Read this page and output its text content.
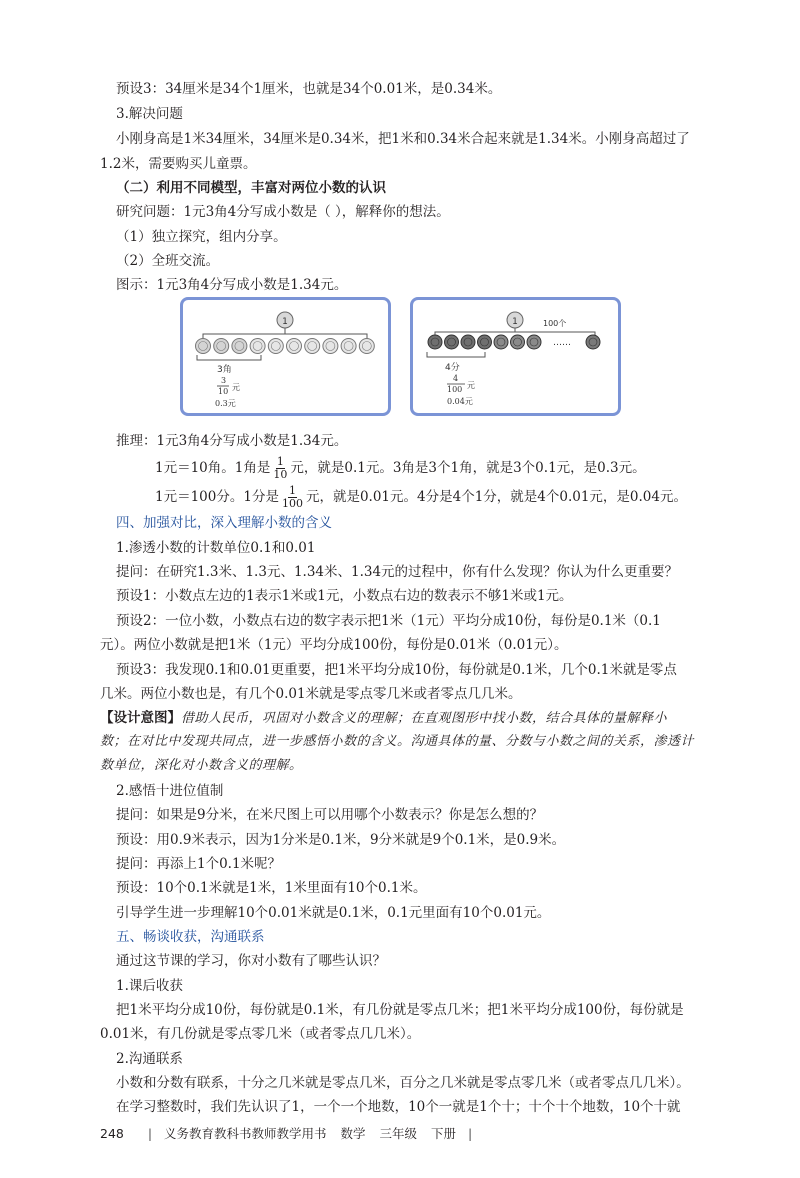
预设3：34厘米是34个1厘米，也就是34个0.01米，是0.34米。
3.解决问题
小刚身高是1米34厘米，34厘米是0.34米，把1米和0.34米合起来就是1.34米。小刚身高超过了
1.2米，需要购买儿童票。
（二）利用不同模型，丰富对两位小数的认识
研究问题：1元3角4分写成小数是（ ），解释你的想法。
（1）独立探究，组内分享。
（2）全班交流。
图示：1元3角4分写成小数是1.34元。
1
3角
3
10 元
0.3元
1	100个
……
4分
4
100 元
0.04元
推理：1元3角4分写成小数是1.34元。
1元＝10角。1角是 $\frac{1}{10}$ 元，就是0.1元。3角是3个1角，就是3个0.1元，是0.3元。
1元＝100分。1分是 $\frac{1}{100}$ 元，就是0.01元。4分是4个1分，就是4个0.01元，是0.04元。
四、加强对比，深入理解小数的含义
1.渗透小数的计数单位0.1和0.01
提问：在研究1.3米、1.3元、1.34米、1.34元的过程中，你有什么发现？你认为什么更重要？
预设1：小数点左边的1表示1米或1元，小数点右边的数表示不够1米或1元。
预设2：一位小数，小数点右边的数字表示把1米（1元）平均分成10份，每份是0.1米（0.1
元）。两位小数就是把1米（1元）平均分成100份，每份是0.01米（0.01元）。
预设3：我发现0.1和0.01更重要，把1米平均分成10份，每份就是0.1米，几个0.1米就是零点
几米。两位小数也是，有几个0.01米就是零点零几米或者零点几几米。
【设计意图】借助人民币，巩固对小数含义的理解；在直观图形中找小数，结合具体的量解释小
数；在对比中发现共同点，进一步感悟小数的含义。沟通具体的量、分数与小数之间的关系，渗透计
数单位，深化对小数含义的理解。
2.感悟十进位值制
提问：如果是9分米，在米尺图上可以用哪个小数表示？你是怎么想的？
预设：用0.9米表示，因为1分米是0.1米，9分米就是9个0.1米，是0.9米。
提问：再添上1个0.1米呢？
预设：10个0.1米就是1米，1米里面有10个0.1米。
引导学生进一步理解10个0.01米就是0.1米，0.1元里面有10个0.01元。
五、畅谈收获，沟通联系
通过这节课的学习，你对小数有了哪些认识？
1.课后收获
把1米平均分成10份，每份就是0.1米，有几份就是零点几米；把1米平均分成100份，每份就是
0.01米，有几份就是零点零几米（或者零点几几米）。
2.沟通联系
小数和分数有联系，十分之几米就是零点几米，百分之几米就是零点零几米（或者零点几几米）。
在学习整数时，我们先认识了1，一个一个地数，10个一就是1个十；十个十个地数，10个十就
248 | 义务教育教科书教师教学用书 数学 三年级 下册 |
